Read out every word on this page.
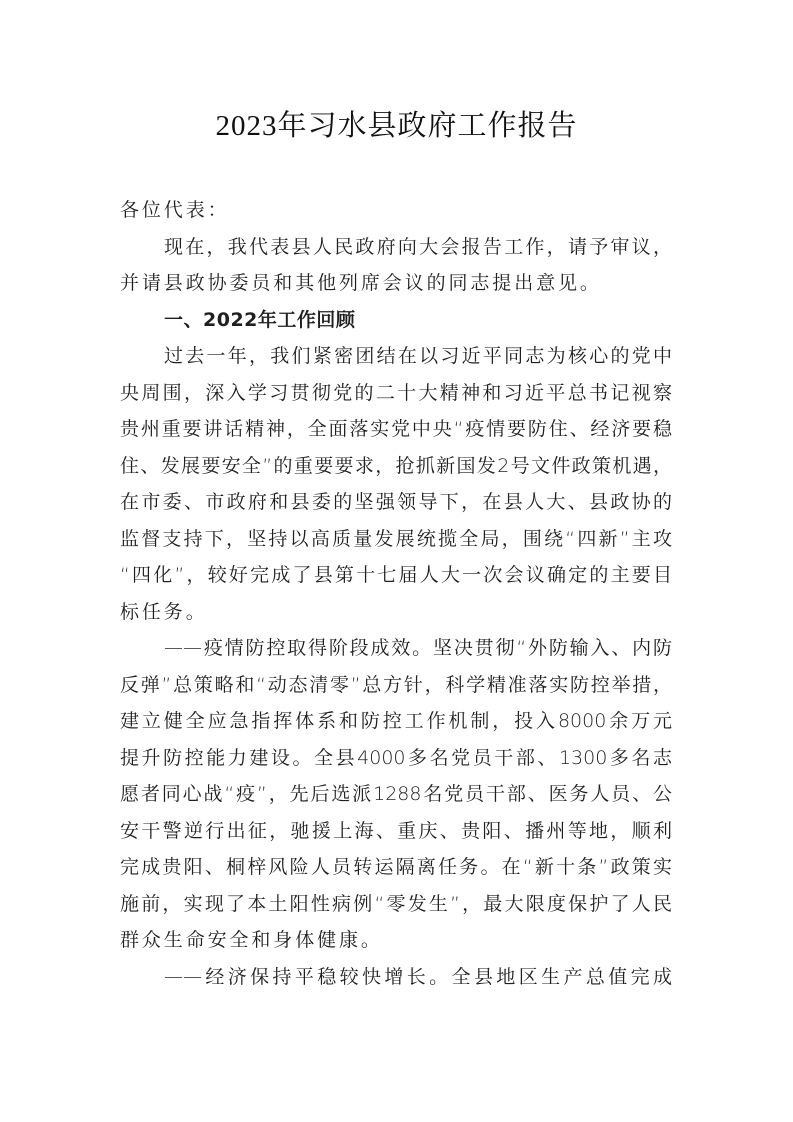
2023年习水县政府工作报告
各位代表：
现在，我代表县人民政府向大会报告工作，请予审议，
并请县政协委员和其他列席会议的同志提出意见。
一、2022年工作回顾
过去一年，我们紧密团结在以习近平同志为核心的党中
央周围，深入学习贯彻党的二十大精神和习近平总书记视察
贵州重要讲话精神，全面落实党中央“疫情要防住、经济要稳
住、发展要安全”的重要要求，抢抓新国发2号文件政策机遇，
在市委、市政府和县委的坚强领导下，在县人大、县政协的
监督支持下，坚持以高质量发展统揽全局，围绕“四新”主攻
“四化”，较好完成了县第十七届人大一次会议确定的主要目
标任务。
——疫情防控取得阶段成效。坚决贯彻“外防输入、内防
反弹”总策略和“动态清零”总方针，科学精准落实防控举措，
建立健全应急指挥体系和防控工作机制，投入8000余万元
提升防控能力建设。全县4000多名党员干部、1300多名志
愿者同心战“疫”，先后选派1288名党员干部、医务人员、公
安干警逆行出征，驰援上海、重庆、贵阳、播州等地，顺利
完成贵阳、桐梓风险人员转运隔离任务。在“新十条”政策实
施前，实现了本土阳性病例“零发生”，最大限度保护了人民
群众生命安全和身体健康。
——经济保持平稳较快增长。全县地区生产总值完成
